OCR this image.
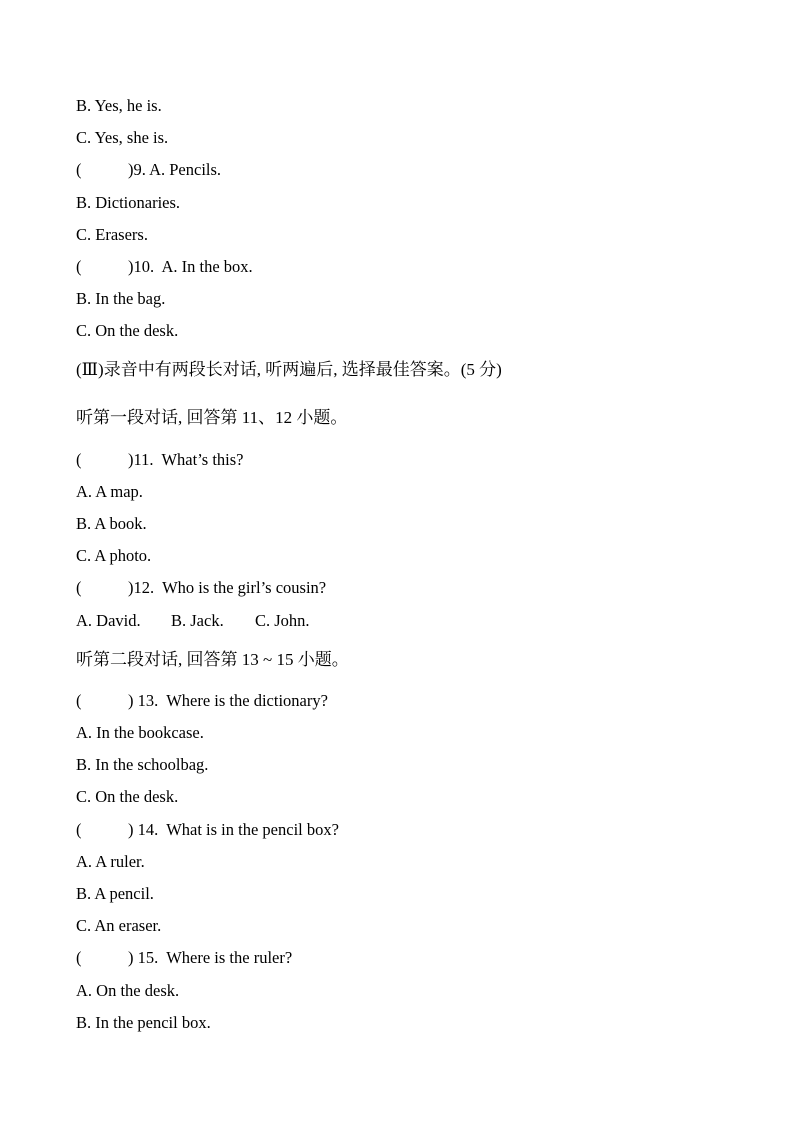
B. Yes, he is.
C. Yes, she is.
(	)9. A. Pencils.
B. Dictionaries.
C. Erasers.
(	)10.  A. In the box.
B. In the bag.
C. On the desk.
(Ⅲ)录音中有两段长对话, 听两遍后, 选择最佳答案。(5 分)
听第一段对话, 回答第 11、12 小题。
(	)11.  What’s this?
A. A map.
B. A book.
C. A photo.
(	)12.  Who is the girl’s cousin?
A. David. B. Jack. C. John.
听第二段对话, 回答第 13 ~ 15 小题。
(	) 13.  Where is the dictionary?
A. In the bookcase.
B. In the schoolbag.
C. On the desk.
(	) 14.  What is in the pencil box?
A. A ruler.
B. A pencil.
C. An eraser.
(	) 15.  Where is the ruler?
A. On the desk.
B. In the pencil box.
